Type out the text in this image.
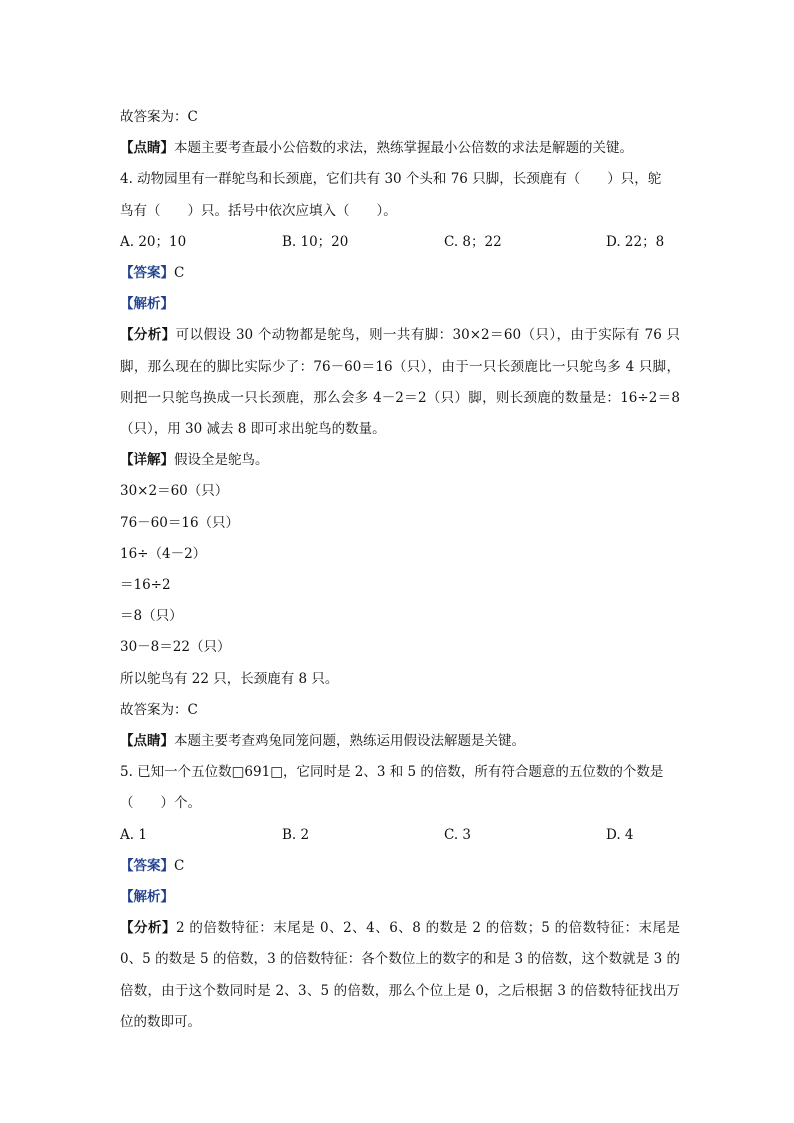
故答案为：C
【点睛】本题主要考查最小公倍数的求法，熟练掌握最小公倍数的求法是解题的关键。
4. 动物园里有一群鸵鸟和长颈鹿，它们共有 30 个头和 76 只脚，长颈鹿有（　　）只，鸵
鸟有（　　）只。括号中依次应填入（　　）。
A. 20；10	B. 10；20	C. 8；22	D. 22；8
【答案】C
【解析】
【分析】可以假设 30 个动物都是鸵鸟，则一共有脚：30×2＝60（只），由于实际有 76 只脚，那么现在的脚比实际少了：76－60＝16（只），由于一只长颈鹿比一只鸵鸟多 4 只脚，则把一只鸵鸟换成一只长颈鹿，那么会多 4－2＝2（只）脚，则长颈鹿的数量是：16÷2＝8（只），用 30 减去 8 即可求出鸵鸟的数量。
【详解】假设全是鸵鸟。
30×2＝60（只）
76－60＝16（只）
16÷（4－2）
＝16÷2
＝8（只）
30－8＝22（只）
所以鸵鸟有 22 只，长颈鹿有 8 只。
故答案为：C
【点睛】本题主要考查鸡兔同笼问题，熟练运用假设法解题是关键。
5. 已知一个五位数□691□，它同时是 2、3 和 5 的倍数，所有符合题意的五位数的个数是
（　　）个。
A. 1	B. 2	C. 3	D. 4
【答案】C
【解析】
【分析】2 的倍数特征：末尾是 0、2、4、6、8 的数是 2 的倍数；5 的倍数特征：末尾是 0、5 的数是 5 的倍数，3 的倍数特征：各个数位上的数字的和是 3 的倍数，这个数就是 3 的倍数，由于这个数同时是 2、3、5 的倍数，那么个位上是 0，之后根据 3 的倍数特征找出万位的数即可。
